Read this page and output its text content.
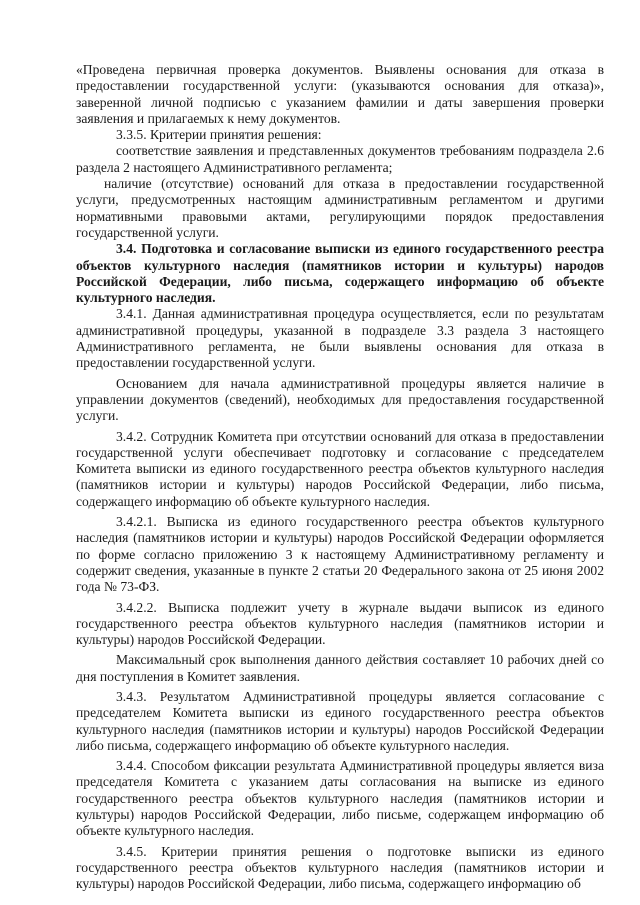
«Проведена первичная проверка документов. Выявлены основания для отказа в предоставлении государственной услуги: (указываются основания для отказа)», заверенной личной подписью с указанием фамилии и даты завершения проверки заявления и прилагаемых к нему документов.

3.3.5. Критерии принятия решения:

соответствие заявления и представленных документов требованиям подраздела 2.6 раздела 2 настоящего Административного регламента;

наличие (отсутствие) оснований для отказа в предоставлении государственной услуги, предусмотренных настоящим административным регламентом и другими нормативными правовыми актами, регулирующими порядок предоставления государственной услуги.

3.4. Подготовка и согласование выписки из единого государственного реестра объектов культурного наследия (памятников истории и культуры) народов Российской Федерации, либо письма, содержащего информацию об объекте культурного наследия.

3.4.1. Данная административная процедура осуществляется, если по результатам административной процедуры, указанной в подразделе 3.3 раздела 3 настоящего Административного регламента, не были выявлены основания для отказа в предоставлении государственной услуги.

Основанием для начала административной процедуры является наличие в управлении документов (сведений), необходимых для предоставления государственной услуги.

3.4.2. Сотрудник Комитета при отсутствии оснований для отказа в предоставлении государственной услуги обеспечивает подготовку и согласование с председателем Комитета выписки из единого государственного реестра объектов культурного наследия (памятников истории и культуры) народов Российской Федерации, либо письма, содержащего информацию об объекте культурного наследия.

3.4.2.1. Выписка из единого государственного реестра объектов культурного наследия (памятников истории и культуры) народов Российской Федерации оформляется по форме согласно приложению 3 к настоящему Административному регламенту и содержит сведения, указанные в пункте 2 статьи 20 Федерального закона от 25 июня 2002 года № 73-ФЗ.

3.4.2.2. Выписка подлежит учету в журнале выдачи выписок из единого государственного реестра объектов культурного наследия (памятников истории и культуры) народов Российской Федерации.

Максимальный срок выполнения данного действия составляет 10 рабочих дней со дня поступления в Комитет заявления.

3.4.3. Результатом Административной процедуры является согласование с председателем Комитета выписки из единого государственного реестра объектов культурного наследия (памятников истории и культуры) народов Российской Федерации либо письма, содержащего информацию об объекте культурного наследия.

3.4.4. Способом фиксации результата Административной процедуры является виза председателя Комитета с указанием даты согласования на выписке из единого государственного реестра объектов культурного наследия (памятников истории и культуры) народов Российской Федерации, либо письме, содержащем информацию об объекте культурного наследия.

3.4.5. Критерии принятия решения о подготовке выписки из единого государственного реестра объектов культурного наследия (памятников истории и культуры) народов Российской Федерации, либо письма, содержащего информацию об
